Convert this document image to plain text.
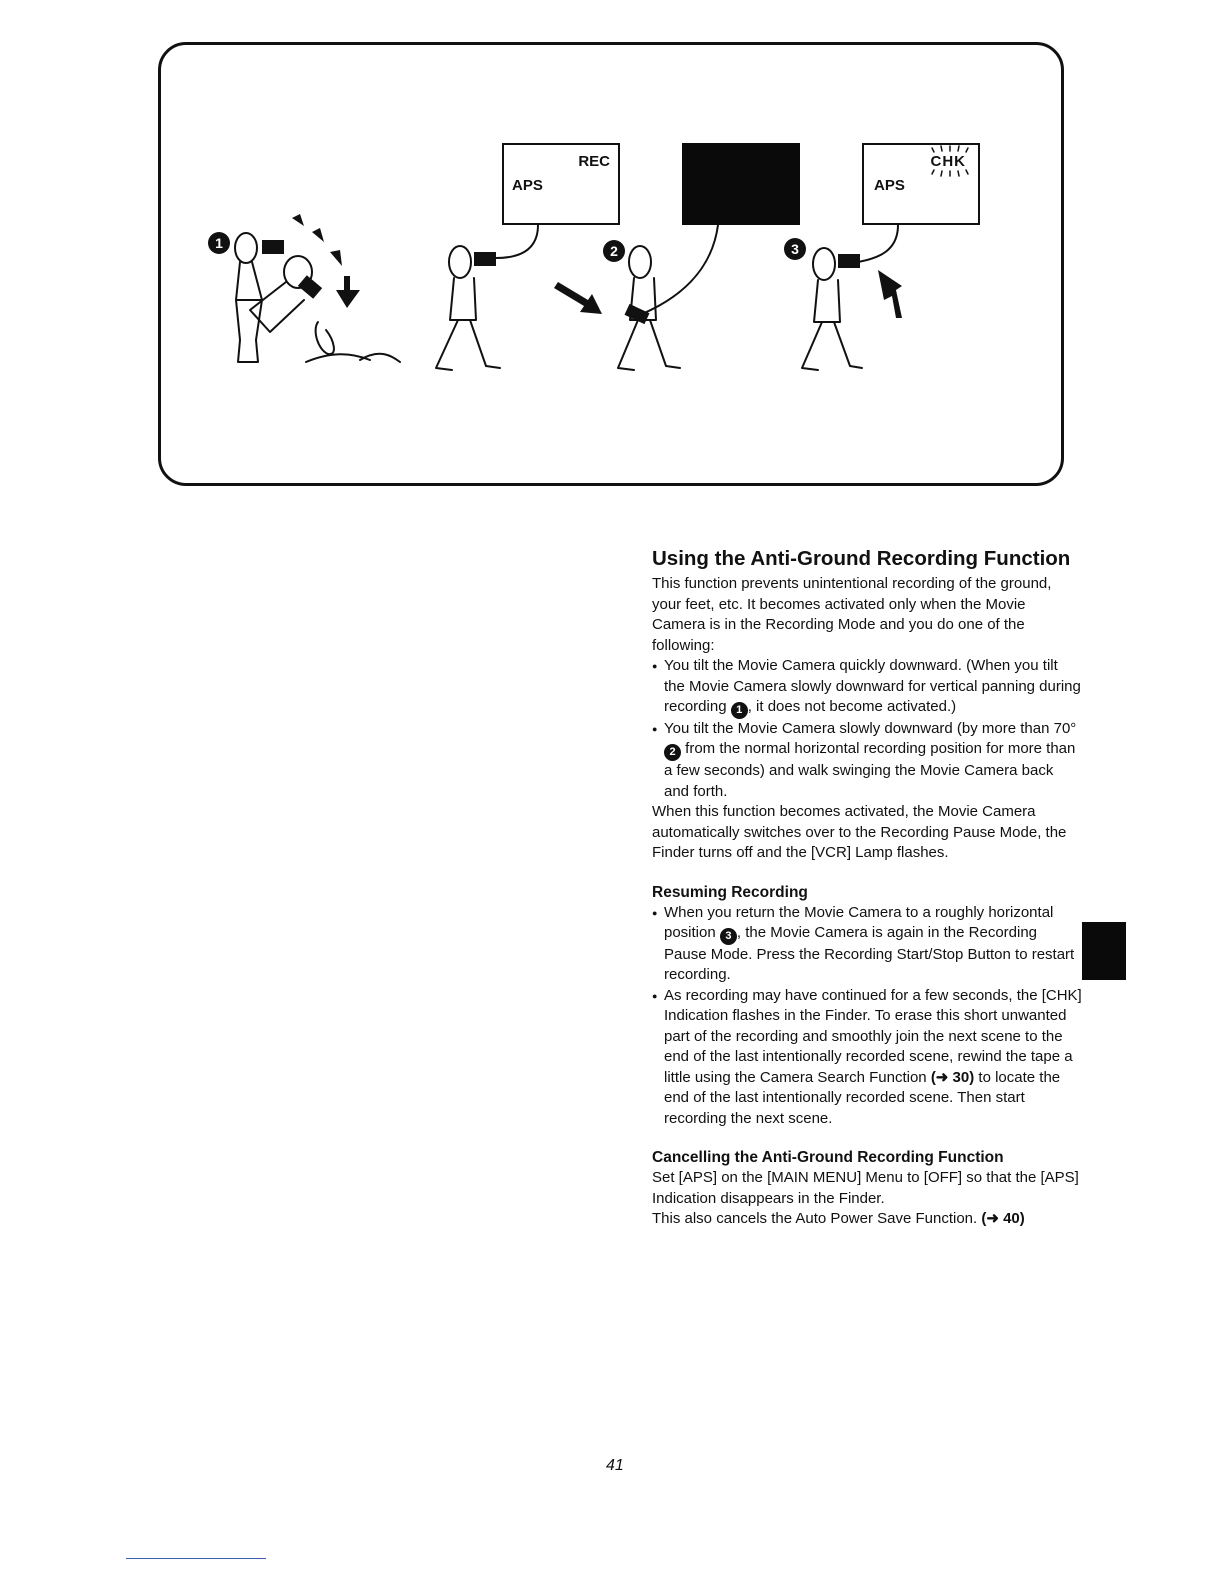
REC
APS
CHK
APS
1	2	3
Using the Anti-Ground Recording Function

This function prevents unintentional recording of the ground, your feet, etc. It becomes activated only when the Movie Camera is in the Recording Mode and you do one of the following:

● You tilt the Movie Camera quickly downward. (When you tilt the Movie Camera slowly downward for vertical panning during recording 1 , it does not become activated.)
● You tilt the Movie Camera slowly downward (by more than 70° 2 from the normal horizontal recording position for more than a few seconds) and walk swinging the Movie Camera back and forth.

When this function becomes activated, the Movie Camera automatically switches over to the Recording Pause Mode, the Finder turns off and the [VCR] Lamp flashes.

Resuming Recording
● When you return the Movie Camera to a roughly horizontal position 3 , the Movie Camera is again in the Recording Pause Mode. Press the Recording Start/Stop Button to restart recording.
● As recording may have continued for a few seconds, the [CHK] Indication flashes in the Finder. To erase this short unwanted part of the recording and smoothly join the next scene to the end of the last intentionally recorded scene, rewind the tape a little using the Camera Search Function (➜ 30) to locate the end of the last intentionally recorded scene. Then start recording the next scene.
Cancelling the Anti-Ground Recording Function

Set [APS] on the [MAIN MENU] Menu to [OFF] so that the [APS] Indication disappears in the Finder.

This also cancels the Auto Power Save Function. (➜ 40)

41
